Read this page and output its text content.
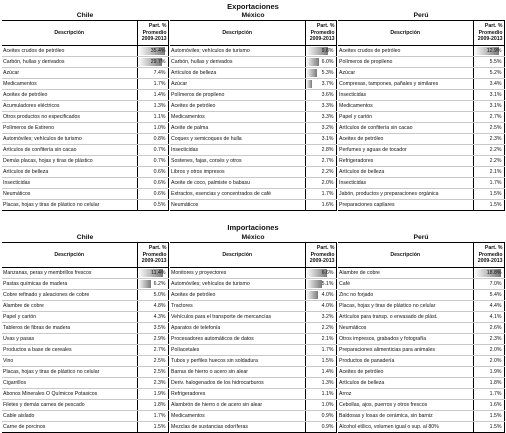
Exportaciones
Chile
Descripción	Part. %
Promedio
2009-2013

Aceites crudos de petróleo	35.4%
Carbón, hullas y derivados	29.7%
Azúcar	7.4%
Medicamentos	1.7%
Aceites de petróleo	1.4%
Acumuladores eléctricos	1.3%
Otros productos no especificados	1.1%
Polímeros de Estireno	1.0%
Automóviles; vehículos de turismo	0.8%
Artículos de confitería sin cacao	0.7%
Demás placas, hojas y tiras de plástico	0.7%
Artículos de belleza	0.6%
Insecticidas	0.6%
Neumáticos	0.6%
Placas, hojas y tiras de plástico no celular	0.5%
México
Descripción	Part. %
Promedio
2009-2013

Automóviles; vehículos de turismo	9.8%
Carbón, hullas y derivados	6.0%
Artículos de belleza	5.3%
Azúcar	3.7%
Polímeros de propileno	3.6%
Aceites de petróleo	3.3%
Medicamentos	3.3%
Aceite de palma	3.2%
Coques y semicoques de hulla	3.1%
Insecticidas	2.8%
Sostenes, fajas, corsés y otros	2.7%
Libros y otros impresos	2.2%
Aceite de coco, palmiste o babasu	2.0%
Extractos, esencias y concentrados de café	1.7%
Neumáticos	1.6%
Perú
Descripción	Part. %
Promedio
2009-2013

Aceites crudos de petróleo	12.9%
Polímeros de propileno	5.5%
Azúcar	5.2%
Compresas, tampones, pañales y similares	3.4%
Insecticidas	3.1%
Medicamentos	3.1%
Papel y cartón	2.7%
Artículos de confitería sin cacao	2.5%
Aceites de petróleo	2.3%
Perfumes y aguas de tocador	2.2%
Refrigeradores	2.2%
Artículos de belleza	2.1%
Insecticidas	1.7%
Jabón, productos y preparaciones orgánica	1.5%
Preparaciones capilares	1.5%
Importaciones
Chile
Descripción	Part. %
Promedio
2009-2013

Manzanas, peras y membrillos frescos	11.4%
Pastas químicas de madera	6.2%
Cobre refinado y aleaciones de cobre	5.0%
Alambre de cobre	4.8%
Papel y cartón	4.3%
Tableros de fibras de madera	3.5%
Uvas y pasas	2.9%
Productos a base de cereales	2.7%
Vino	2.5%
Placas, hojas y tiras de plástico no celular	2.5%
Cigarrillos	2.3%
Abonos Minerales O Químicos Potasicos	1.9%
Filetes y demás carnes de pescado	1.8%
Cable aislado	1.7%
Carne de porcinos	1.5%
México
Descripción	Part. %
Promedio
2009-2013

Monitores y proyectores	6.6%
Automóviles; vehículos de turismo	5.1%
Aceites de petróleo	4.0%
Tractores	4.0%
Vehículos para el transporte de mercancías	3.2%
Aparatos de telefonía	2.2%
Procesadores automáticos de datos	2.1%
Políacetales	1.7%
Tubos y perfiles huecos sin soldadura	1.5%
Barras de hierro o acero sin alear	1.4%
Deriv. halogenados de los hidrocarburos	1.3%
Refrigeradores	1.1%
Alambrón de hierro o de acero sin alear	1.0%
Medicamentos	0.9%
Mezclas de sustancias odoríferas	0.9%
Perú
Descripción	Part. %
Promedio
2009-2013

Alambre de cobre	18.8%
Café	7.0%
Zinc no forjado	5.4%
Placas, hojas y tiras de plástico no celular	4.4%
Artículos para transp. o envasado de plást.	4.1%
Neumáticos	2.6%
Otros impresos, grabados y fotografía	2.3%
Preparaciones alimenticias para animales	2.0%
Productos de panadería	2.0%
Aceites de petróleo	1.9%
Artículos de belleza	1.8%
Arroz	1.7%
Cebollas, ajos, puerros y otros frescos	1.6%
Baldosas y losas de cerámica, sin barniz	1.5%
Alcohol etílico, volumen igual o sup. al 80%	1.5%
